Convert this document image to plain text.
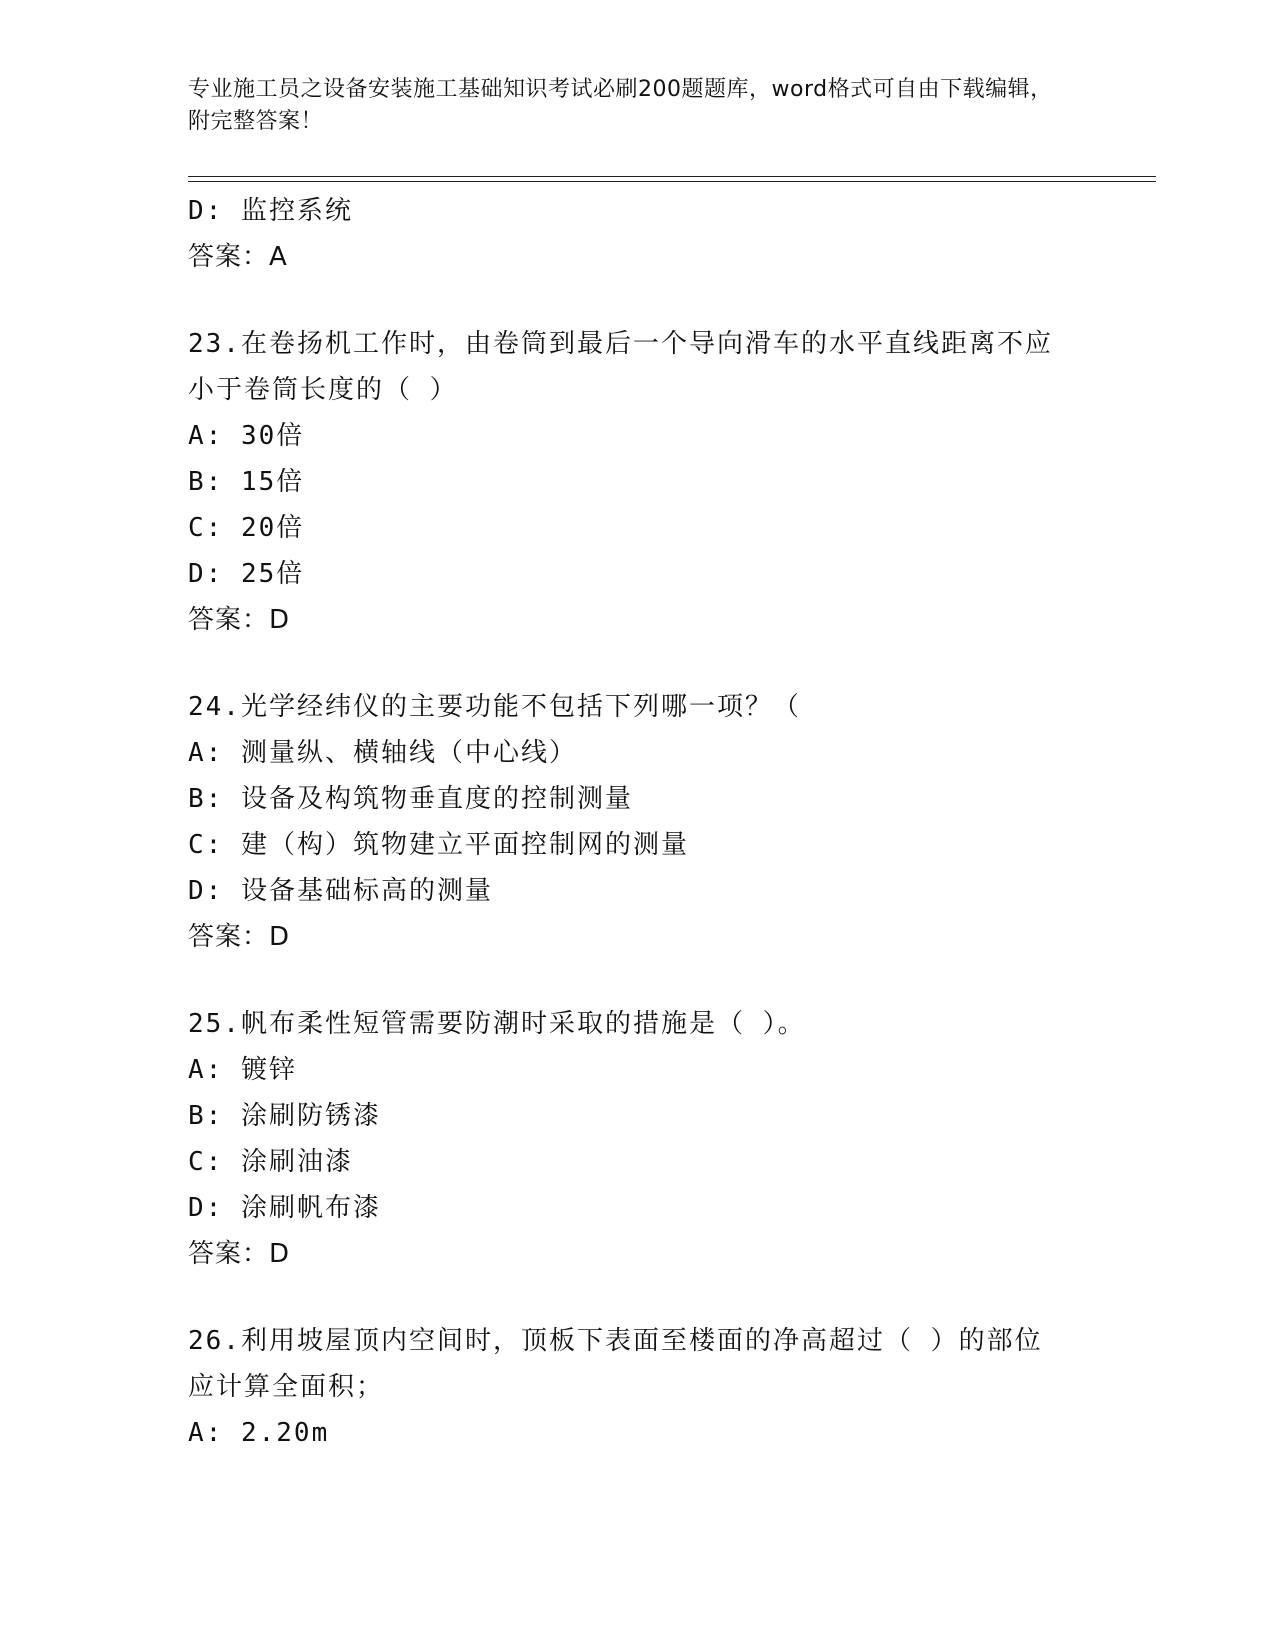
专业施工员之设备安装施工基础知识考试必刷200题题库，word格式可自由下载编辑，附完整答案！

D: 监控系统

答案：A

23.在卷扬机工作时，由卷筒到最后一个导向滑车的水平直线距离不应

小于卷筒长度的（ ）

A: 30倍

B: 15倍

C: 20倍

D: 25倍

答案：D

24.光学经纬仪的主要功能不包括下列哪一项？（

A: 测量纵、横轴线（中心线）

B: 设备及构筑物垂直度的控制测量

C: 建（构）筑物建立平面控制网的测量

D: 设备基础标高的测量

答案：D

25.帆布柔性短管需要防潮时采取的措施是（ ）。

A: 镀锌

B: 涂刷防锈漆

C: 涂刷油漆

D: 涂刷帆布漆

答案：D

26.利用坡屋顶内空间时，顶板下表面至楼面的净高超过（ ）的部位

应计算全面积；

A: 2.20m
